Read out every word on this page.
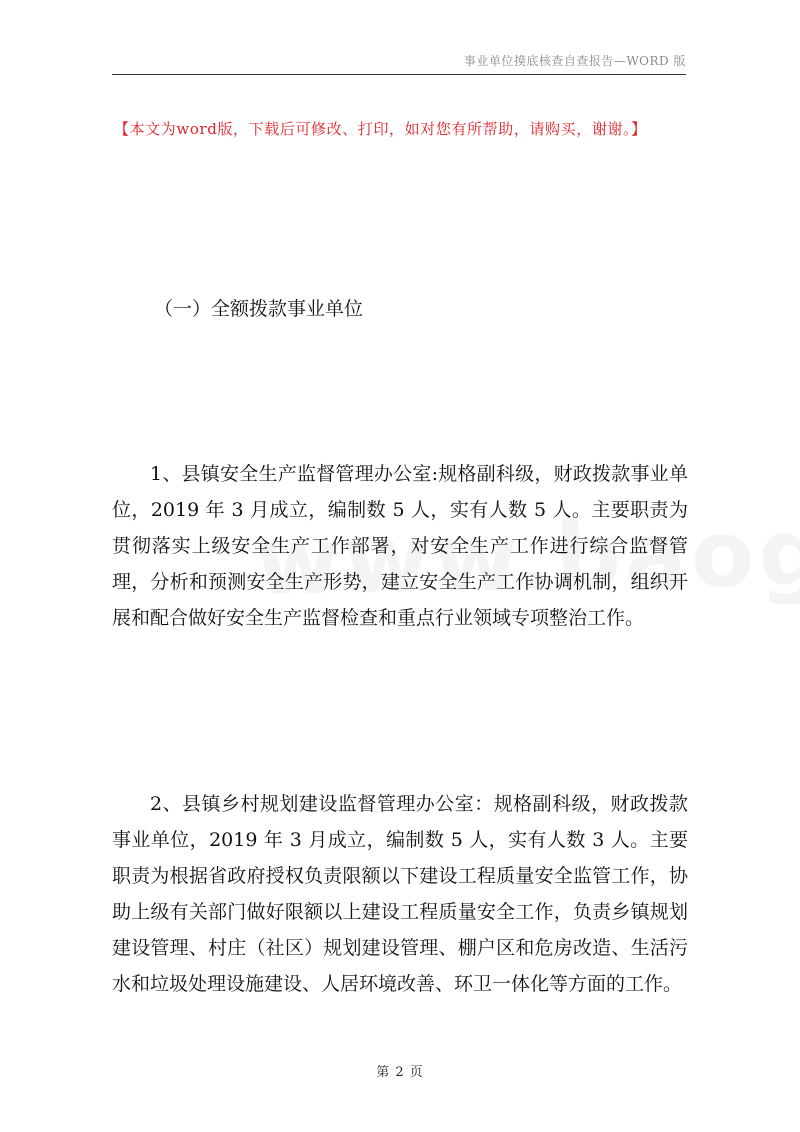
事业单位摸底核查自查报告—WORD 版
【本文为word版，下载后可修改、打印，如对您有所帮助，请购买，谢谢。】
（一）全额拨款事业单位

1、县镇安全生产监督管理办公室:规格副科级，财政拨款事业单位，2019 年 3 月成立，编制数 5 人，实有人数 5 人。主要职责为贯彻落实上级安全生产工作部署，对安全生产工作进行综合监督管理，分析和预测安全生产形势，建立安全生产工作协调机制，组织开展和配合做好安全生产监督检查和重点行业领域专项整治工作。

2、县镇乡村规划建设监督管理办公室：规格副科级，财政拨款事业单位，2019 年 3 月成立，编制数 5 人，实有人数 3 人。主要职责为根据省政府授权负责限额以下建设工程质量安全监管工作，协助上级有关部门做好限额以上建设工程质量安全工作，负责乡镇规划建设管理、村庄（社区）规划建设管理、棚户区和危房改造、生活污水和垃圾处理设施建设、人居环境改善、环卫一体化等方面的工作。

第 2 页
